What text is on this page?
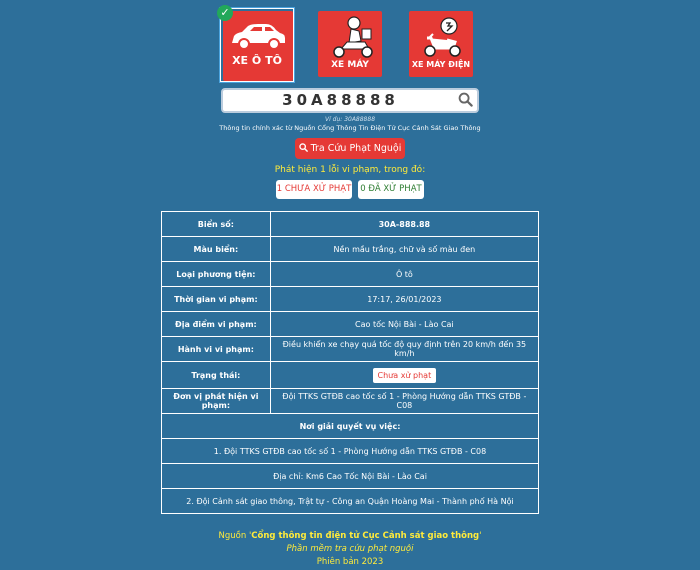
XE Ô TÔ
✓
XE MÁY	XE MÁY ĐIỆN
30A88888
Ví dụ: 30A88888
Thông tin chính xác từ Nguồn Cổng Thông Tin Điện Tử Cục Cảnh Sát Giao Thông
Tra Cứu Phạt Nguội
Phát hiện 1 lỗi vi phạm, trong đó:
1 CHƯA XỬ PHẠT 0 ĐÃ XỬ PHẠT
Biển số:	30A-888.88
Màu biển:	Nền mầu trắng, chữ và số màu đen
Loại phương tiện:	Ô tô
Thời gian vi phạm:	17:17, 26/01/2023
Địa điểm vi phạm:	Cao tốc Nội Bài - Lào Cai
Hành vi vi phạm:	Điều khiển xe chạy quá tốc độ quy định trên 20 km/h đến 35 km/h
Trạng thái:	Chưa xử phạt
Đơn vị phát hiện vi phạm:	Đội TTKS GTĐB cao tốc số 1 - Phòng Hướng dẫn TTKS GTĐB - C08
Nơi giải quyết vụ việc:	
1. Đội TTKS GTĐB cao tốc số 1 - Phòng Hướng dẫn TTKS GTĐB - C08	
Địa chỉ: Km6 Cao Tốc Nội Bài - Lào Cai	
2. Đội Cảnh sát giao thông, Trật tự - Công an Quận Hoàng Mai - Thành phố Hà Nội	
Nguồn 'Cổng thông tin điện tử Cục Cảnh sát giao thông'
Phần mềm tra cứu phạt nguội
Phiên bản 2023
